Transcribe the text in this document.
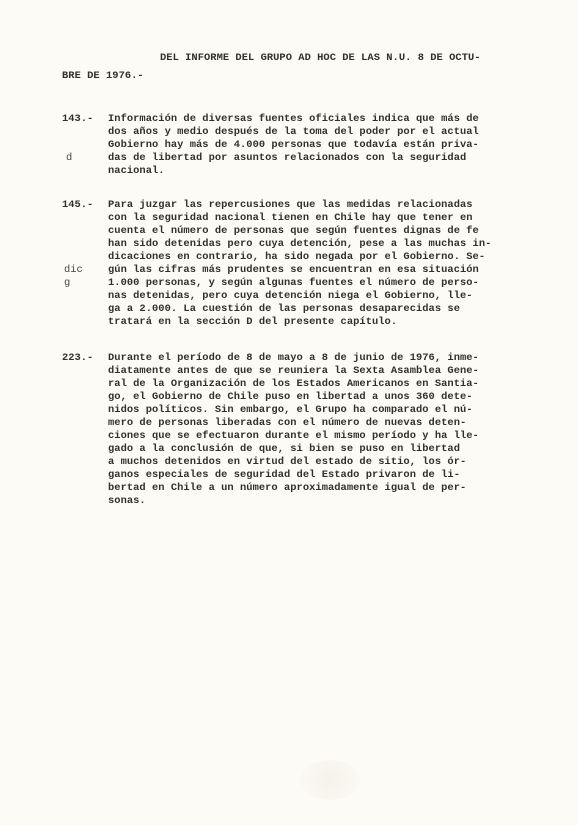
DEL INFORME DEL GRUPO AD HOC DE LAS N.U. 8 DE OCTU-
BRE DE 1976.-
143.-
d
Información de diversas fuentes oficiales indica que más de
dos años y medio después de la toma del poder por el actual
Gobierno hay más de 4.000 personas que todavía están priva-
das de libertad por asuntos relacionados con la seguridad
nacional.
145.-
dic
g
Para juzgar las repercusiones que las medidas relacionadas
con la seguridad nacional tienen en Chile hay que tener en
cuenta el número de personas que según fuentes dignas de fe
han sido detenidas pero cuya detención, pese a las muchas in-
dicaciones en contrario, ha sido negada por el Gobierno. Se-
gún las cifras más prudentes se encuentran en esa situación
1.000 personas, y según algunas fuentes el número de perso-
nas detenidas, pero cuya detención niega el Gobierno, lle-
ga a 2.000. La cuestión de las personas desaparecidas se
tratará en la sección D del presente capítulo.
223.- Durante el período de 8 de mayo a 8 de junio de 1976, inme-
diatamente antes de que se reuniera la Sexta Asamblea Gene-
ral de la Organización de los Estados Americanos en Santia-
go, el Gobierno de Chile puso en libertad a unos 360 dete-
nidos políticos. Sin embargo, el Grupo ha comparado el nú-
mero de personas liberadas con el número de nuevas deten-
ciones que se efectuaron durante el mismo período y ha lle-
gado a la conclusión de que, si bien se puso en libertad
a muchos detenidos en virtud del estado de sitio, los ór-
ganos especiales de seguridad del Estado privaron de li-
bertad en Chile a un número aproximadamente igual de per-
sonas.
